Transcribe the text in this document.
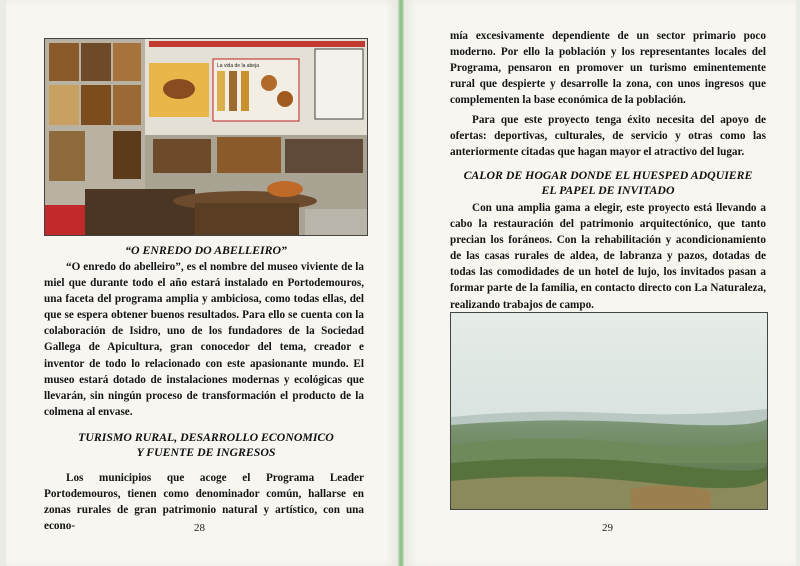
La vida de la abeja
“O ENREDO DO ABELLEIRO”

“O enredo do abelleiro”, es el nombre del museo viviente de la miel que durante todo el año estará instalado en Portodemouros, una faceta del programa amplia y ambiciosa, como todas ellas, del que se espera obtener buenos resultados. Para ello se cuenta con la colaboración de Isidro, uno de los fundadores de la Sociedad Gallega de Apicultura, gran conocedor del tema, creador e inventor de todo lo relacionado con este apasionante mundo. El museo estará dotado de instalaciones modernas y ecológicas que llevarán, sin ningún proceso de transformación el producto de la colmena al envase.

TURISMO RURAL, DESARROLLO ECONOMICO
Y FUENTE DE INGRESOS

Los municipios que acoge el Programa Leader Portodemouros, tienen como denominador común, hallarse en zonas rurales de gran patrimonio natural y artístico, con una econo-	28

mía excesivamente dependiente de un sector primario poco moderno. Por ello la población y los representantes locales del Programa, pensaron en promover un turismo eminentemente rural que despierte y desarrolle la zona, con unos ingresos que complementen la base económica de la población.

Para que este proyecto tenga éxito necesita del apoyo de ofertas: deportivas, culturales, de servicio y otras como las anteriormente citadas que hagan mayor el atractivo del lugar.

CALOR DE HOGAR DONDE EL HUESPED ADQUIERE
EL PAPEL DE INVITADO

Con una amplia gama a elegir, este proyecto está llevando a cabo la restauración del patrimonio arquitectónico, que tanto precian los foráneos. Con la rehabilitación y acondicionamiento de las casas rurales de aldea, de labranza y pazos, dotadas de todas las comodidades de un hotel de lujo, los invitados pasan a formar parte de la familia, en contacto directo con La Naturaleza, realizando trabajos de campo.

29
